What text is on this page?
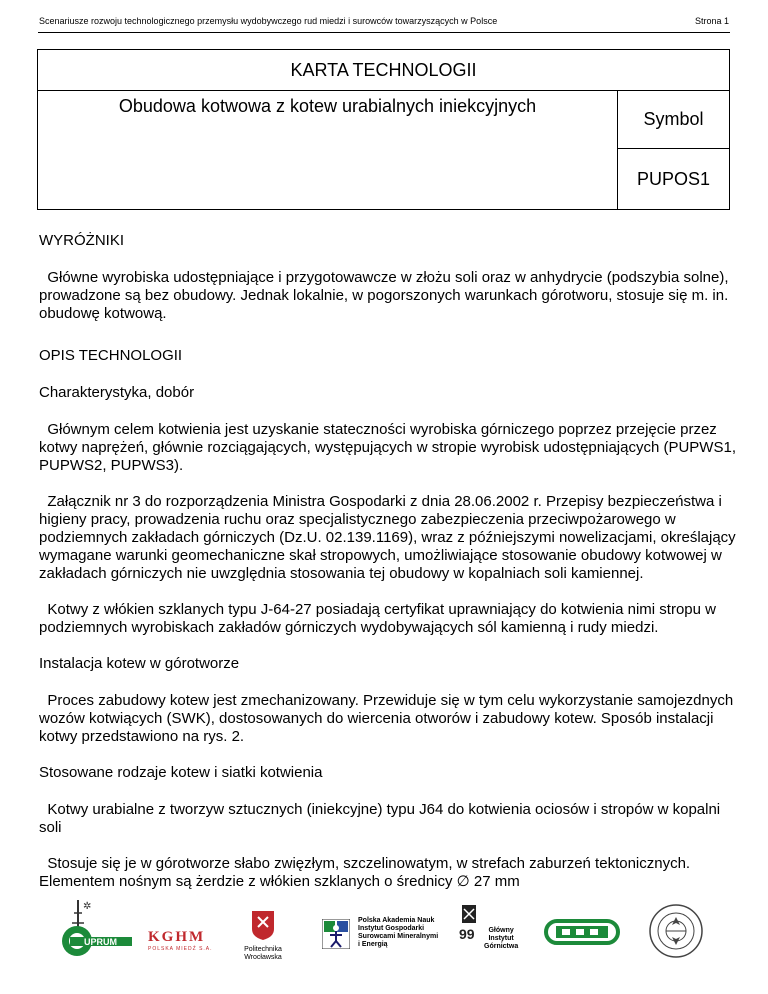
Scenariusze rozwoju technologicznego przemysłu wydobywczego rud miedzi i surowców towarzyszących w Polsce	Strona 1
KARTA TECHNOLOGII
Obudowa kotwowa z kotew urabialnych iniekcyjnych
Symbol
PUPOS1

WYRÓŻNIKI

Główne wyrobiska udostępniające i przygotowawcze w złożu soli oraz w anhydrycie (podszybia solne), prowadzone są bez obudowy. Jednak lokalnie, w pogorszonych warunkach górotworu, stosuje się m. in. obudowę kotwową.

OPIS TECHNOLOGII

Charakterystyka, dobór

Głównym celem kotwienia jest uzyskanie stateczności wyrobiska górniczego poprzez przejęcie przez kotwy naprężeń, głównie rozciągających, występujących w stropie wyrobisk udostępniających (PUPWS1, PUPWS2, PUPWS3).

Załącznik nr 3 do rozporządzenia Ministra Gospodarki z dnia 28.06.2002 r. Przepisy bezpieczeństwa i higieny pracy, prowadzenia ruchu oraz specjalistycznego zabezpieczenia przeciwpożarowego w podziemnych zakładach górniczych (Dz.U. 02.139.1169), wraz z późniejszymi nowelizacjami, określający wymagane warunki geomechaniczne skał stropowych, umożliwiające stosowanie obudowy kotwowej w zakładach górniczych nie uwzględnia stosowania tej obudowy w kopalniach soli kamiennej.

Kotwy z włókien szklanych typu J-64-27 posiadają certyfikat uprawniający do kotwienia nimi stropu w podziemnych wyrobiskach zakładów górniczych wydobywających sól kamienną i rudy miedzi.

Instalacja kotew w górotworze

Proces zabudowy kotew jest zmechanizowany. Przewiduje się w tym celu wykorzystanie samojezdnych wozów kotwiących (SWK), dostosowanych do wiercenia otworów i zabudowy kotew. Sposób instalacji kotwy przedstawiono na rys. 2.

Stosowane rodzaje kotew i siatki kotwienia

Kotwy urabialne z tworzyw sztucznych (iniekcyjne) typu J64 do kotwienia ociosów i stropów w kopalni soli

Stosuje się je w górotworze słabo zwięzłym, szczelinowatym, w strefach zaburzeń tektonicznych. Elementem nośnym są żerdzie z włókien szklanych o średnicy ∅ 27 mm

✲
UPRUM KGHM
POLSKA MIEDŹ S.A.	Politechnika
Wrocławska
Polska Akademia Nauk
Instytut Gospodarki
Surowcami Mineralnymi
i Energią
99	Główny
Instytut
Górnictwa
